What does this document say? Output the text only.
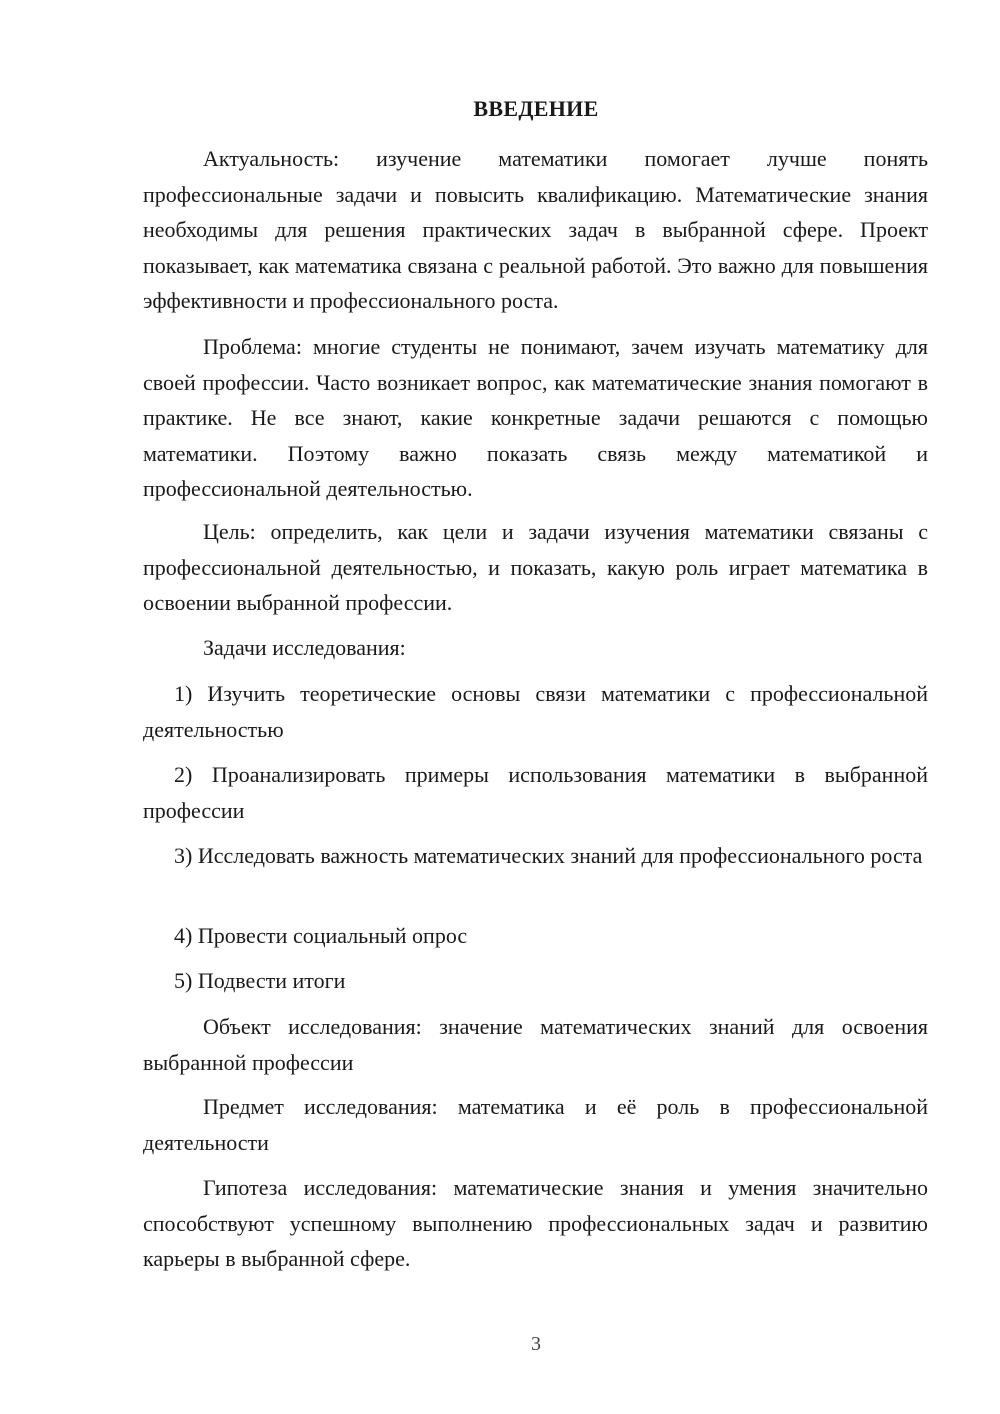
ВВЕДЕНИЕ

Актуальность: изучение математики помогает лучше понять профессиональные задачи и повысить квалификацию. Математические знания необходимы для решения практических задач в выбранной сфере. Проект показывает, как математика связана с реальной работой. Это важно для повышения эффективности и профессионального роста.

Проблема: многие студенты не понимают, зачем изучать математику для своей профессии. Часто возникает вопрос, как математические знания помогают в практике. Не все знают, какие конкретные задачи решаются с помощью математики. Поэтому важно показать связь между математикой и профессиональной деятельностью.

Цель: определить, как цели и задачи изучения математики связаны с профессиональной деятельностью, и показать, какую роль играет математика в освоении выбранной профессии.

Задачи исследования:

1) Изучить теоретические основы связи математики с профессиональной деятельностью

2) Проанализировать примеры использования математики в выбранной профессии

3) Исследовать важность математических знаний для профессионального роста

4) Провести социальный опрос

5) Подвести итоги

Объект исследования: значение математических знаний для освоения выбранной профессии

Предмет исследования: математика и её роль в профессиональной деятельности

Гипотеза исследования: математические знания и умения значительно способствуют успешному выполнению профессиональных задач и развитию карьеры в выбранной сфере.

3
